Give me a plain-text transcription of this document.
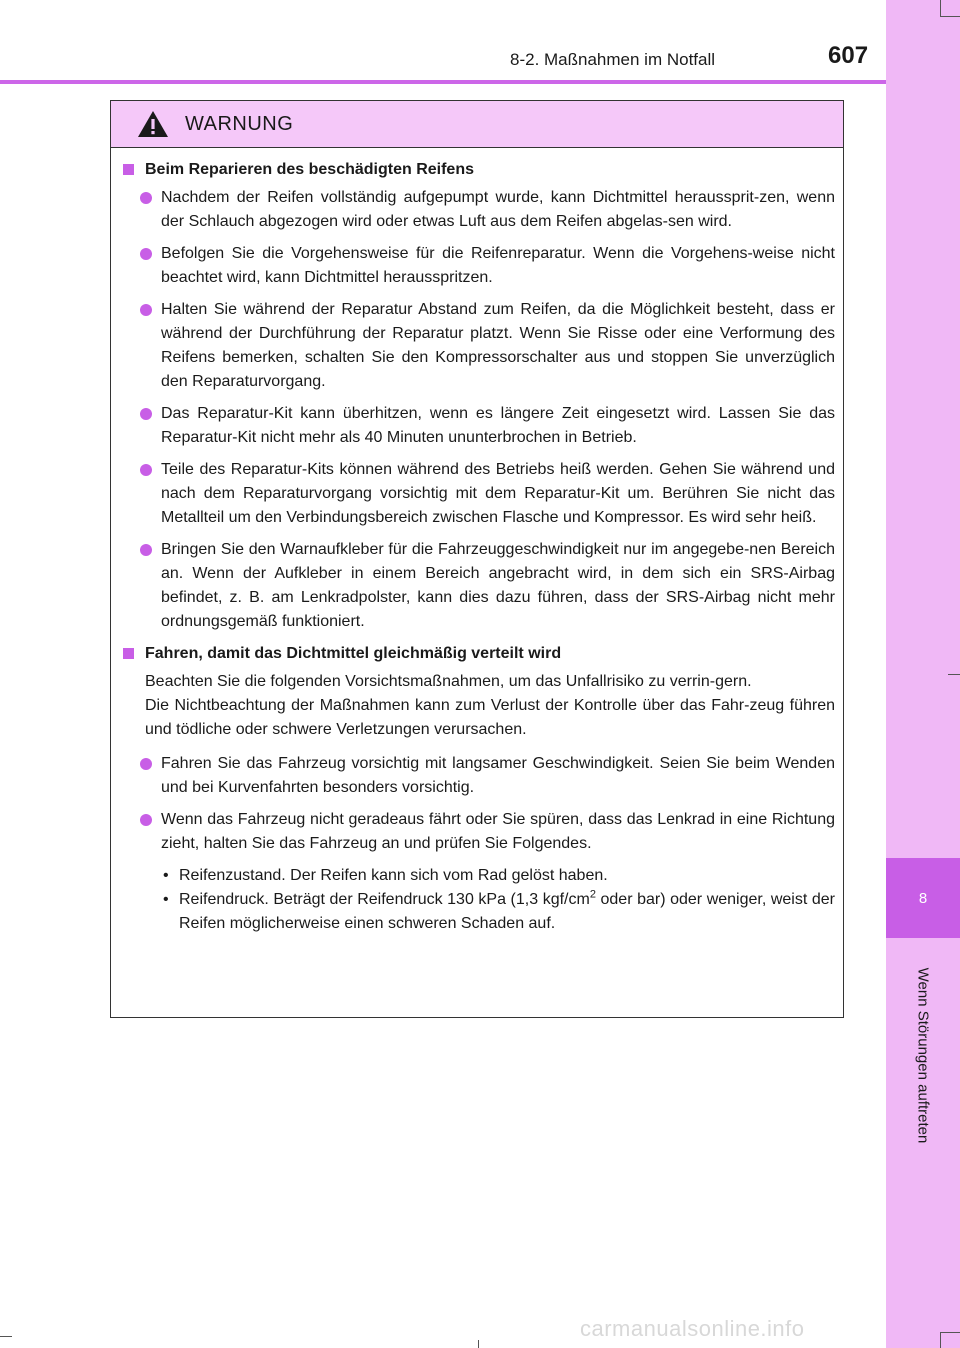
8-2. Maßnahmen im Notfall	607
8
Wenn Störungen auftreten
WARNUNG
Beim Reparieren des beschädigten Reifens
Nachdem der Reifen vollständig aufgepumpt wurde, kann Dichtmittel heraussprit-zen, wenn der Schlauch abgezogen wird oder etwas Luft aus dem Reifen abgelas-sen wird.
Befolgen Sie die Vorgehensweise für die Reifenreparatur. Wenn die Vorgehens-weise nicht beachtet wird, kann Dichtmittel herausspritzen.
Halten Sie während der Reparatur Abstand zum Reifen, da die Möglichkeit besteht, dass er während der Durchführung der Reparatur platzt. Wenn Sie Risse oder eine Verformung des Reifens bemerken, schalten Sie den Kompressorschalter aus und stoppen Sie unverzüglich den Reparaturvorgang.
Das Reparatur-Kit kann überhitzen, wenn es längere Zeit eingesetzt wird. Lassen Sie das Reparatur-Kit nicht mehr als 40 Minuten ununterbrochen in Betrieb.
Teile des Reparatur-Kits können während des Betriebs heiß werden. Gehen Sie während und nach dem Reparaturvorgang vorsichtig mit dem Reparatur-Kit um. Berühren Sie nicht das Metallteil um den Verbindungsbereich zwischen Flasche und Kompressor. Es wird sehr heiß.
Bringen Sie den Warnaufkleber für die Fahrzeuggeschwindigkeit nur im angegebe-nen Bereich an. Wenn der Aufkleber in einem Bereich angebracht wird, in dem sich ein SRS-Airbag befindet, z. B. am Lenkradpolster, kann dies dazu führen, dass der SRS-Airbag nicht mehr ordnungsgemäß funktioniert.
Fahren, damit das Dichtmittel gleichmäßig verteilt wird

Beachten Sie die folgenden Vorsichtsmaßnahmen, um das Unfallrisiko zu verrin-gern.

Die Nichtbeachtung der Maßnahmen kann zum Verlust der Kontrolle über das Fahr-zeug führen und tödliche oder schwere Verletzungen verursachen.

Fahren Sie das Fahrzeug vorsichtig mit langsamer Geschwindigkeit. Seien Sie beim Wenden und bei Kurvenfahrten besonders vorsichtig.
Wenn das Fahrzeug nicht geradeaus fährt oder Sie spüren, dass das Lenkrad in eine Richtung zieht, halten Sie das Fahrzeug an und prüfen Sie Folgendes.
• Reifenzustand. Der Reifen kann sich vom Rad gelöst haben.
• Reifendruck. Beträgt der Reifendruck 130 kPa (1,3 kgf/$cm^2$ oder bar) oder weniger, weist der Reifen möglicherweise einen schweren Schaden auf.
carmanualsonline.info
